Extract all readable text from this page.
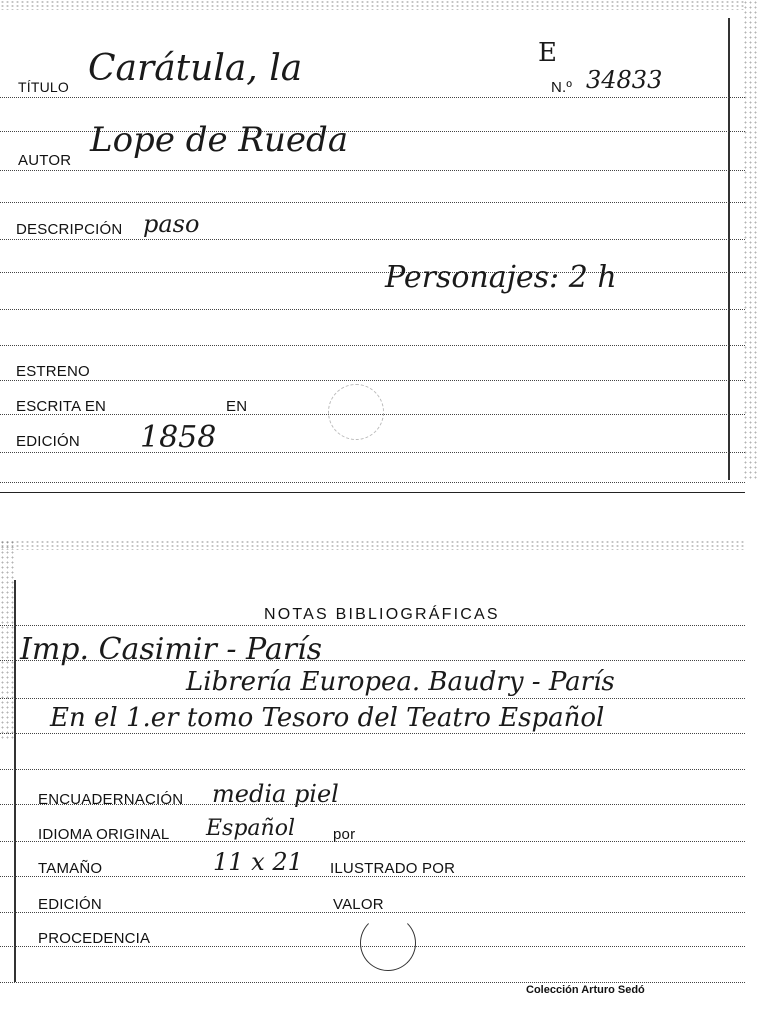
TÍTULO Carátula, la	E
N.º 34833
AUTOR
Lope de Rueda
DESCRIPCIÓN paso
Personajes: 2 h
ESTRENO
ESCRITA EN	EN
EDICIÓN 1858
NOTAS BIBLIOGRÁFICAS
Imp. Casimir - París
Librería Europea. Baudry - París
En el 1.er tomo Tesoro del Teatro Español
ENCUADERNACIÓN media piel
IDIOMA ORIGINAL Español	por
TAMAÑO	11 x 21 ILUSTRADO POR
EDICIÓN	VALOR
PROCEDENCIA
Colección Arturo Sedó
